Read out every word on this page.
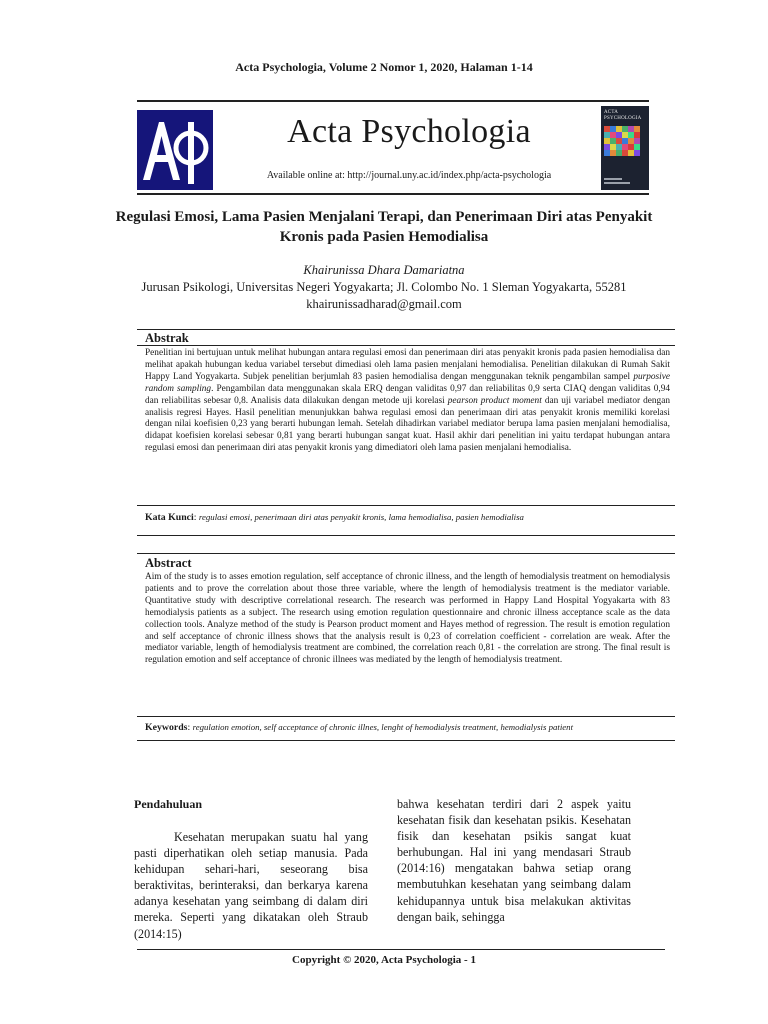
Acta Psychologia, Volume 2 Nomor 1, 2020, Halaman 1-14
Acta Psychologia
Available online at: http://journal.uny.ac.id/index.php/acta-psychologia
ACTA
PSYCHOLOGIA
Regulasi Emosi, Lama Pasien Menjalani Terapi, dan Penerimaan Diri atas Penyakit Kronis pada Pasien Hemodialisa
Khairunissa Dhara Damariatna
Jurusan Psikologi, Universitas Negeri Yogyakarta; Jl. Colombo No. 1 Sleman Yogyakarta, 55281
khairunissadharad@gmail.com
Abstrak

Penelitian ini bertujuan untuk melihat hubungan antara regulasi emosi dan penerimaan diri atas penyakit kronis pada pasien hemodialisa dan melihat apakah hubungan kedua variabel tersebut dimediasi oleh lama pasien menjalani hemodialisa. Penelitian dilakukan di Rumah Sakit Happy Land Yogyakarta. Subjek penelitian berjumlah 83 pasien hemodialisa dengan menggunakan teknik pengambilan sampel purposive random sampling. Pengambilan data menggunakan skala ERQ dengan validitas 0,97 dan reliabilitas 0,9 serta CIAQ dengan validitas 0,94 dan reliabilitas sebesar 0,8. Analisis data dilakukan dengan metode uji korelasi pearson product moment dan uji variabel mediator dengan analisis regresi Hayes. Hasil penelitian menunjukkan bahwa regulasi emosi dan penerimaan diri atas penyakit kronis memiliki korelasi dengan nilai koefisien 0,23 yang berarti hubungan lemah. Setelah dihadirkan variabel mediator berupa lama pasien menjalani hemodialisa, didapat koefisien korelasi sebesar 0,81 yang berarti hubungan sangat kuat. Hasil akhir dari penelitian ini yaitu terdapat hubungan antara regulasi emosi dan penerimaan diri atas penyakit kronis yang dimediatori oleh lama pasien menjalani hemodialisa.

Kata Kunci: regulasi emosi, penerimaan diri atas penyakit kronis, lama hemodialisa, pasien hemodialisa

Abstract

Aim of the study is to asses emotion regulation, self acceptance of chronic illness, and the length of hemodialysis treatment on hemodialysis patients and to prove the correlation about those three variable, where the length of hemodialysis treatment is the mediator variable. Quantitative study with descriptive correlational research. The research was performed in Happy Land Hospital Yogyakarta with 83 hemodialysis patients as a subject. The research using emotion regulation questionnaire and chronic illness acceptance scale as the data collection tools. Analyze method of the study is Pearson product moment and Hayes method of regression. The result is emotion regulation and self acceptance of chronic illness shows that the analysis result is 0,23 of correlation coefficient - correlation are weak. After the mediator variable, length of hemodialysis treatment are combined, the correlation reach 0,81 - the correlation are strong. The final result is regulation emotion and self acceptance of chronic illnees was mediated by the length of hemodialysis treatment.

Keywords: regulation emotion, self acceptance of chronic illnes, lenght of hemodialysis treatment, hemodialysis patient

Pendahuluan

Kesehatan merupakan suatu hal yang pasti diperhatikan oleh setiap manusia. Pada kehidupan sehari-hari, seseorang bisa beraktivitas, berinteraksi, dan berkarya karena adanya kesehatan yang seimbang di dalam diri mereka. Seperti yang dikatakan oleh Straub (2014:15)

bahwa kesehatan terdiri dari 2 aspek yaitu kesehatan fisik dan kesehatan psikis. Kesehatan fisik dan kesehatan psikis sangat kuat berhubungan. Hal ini yang mendasari Straub (2014:16) mengatakan bahwa setiap orang membutuhkan kesehatan yang seimbang dalam kehidupannya untuk bisa melakukan aktivitas dengan baik, sehingga

Copyright © 2020, Acta Psychologia - 1
